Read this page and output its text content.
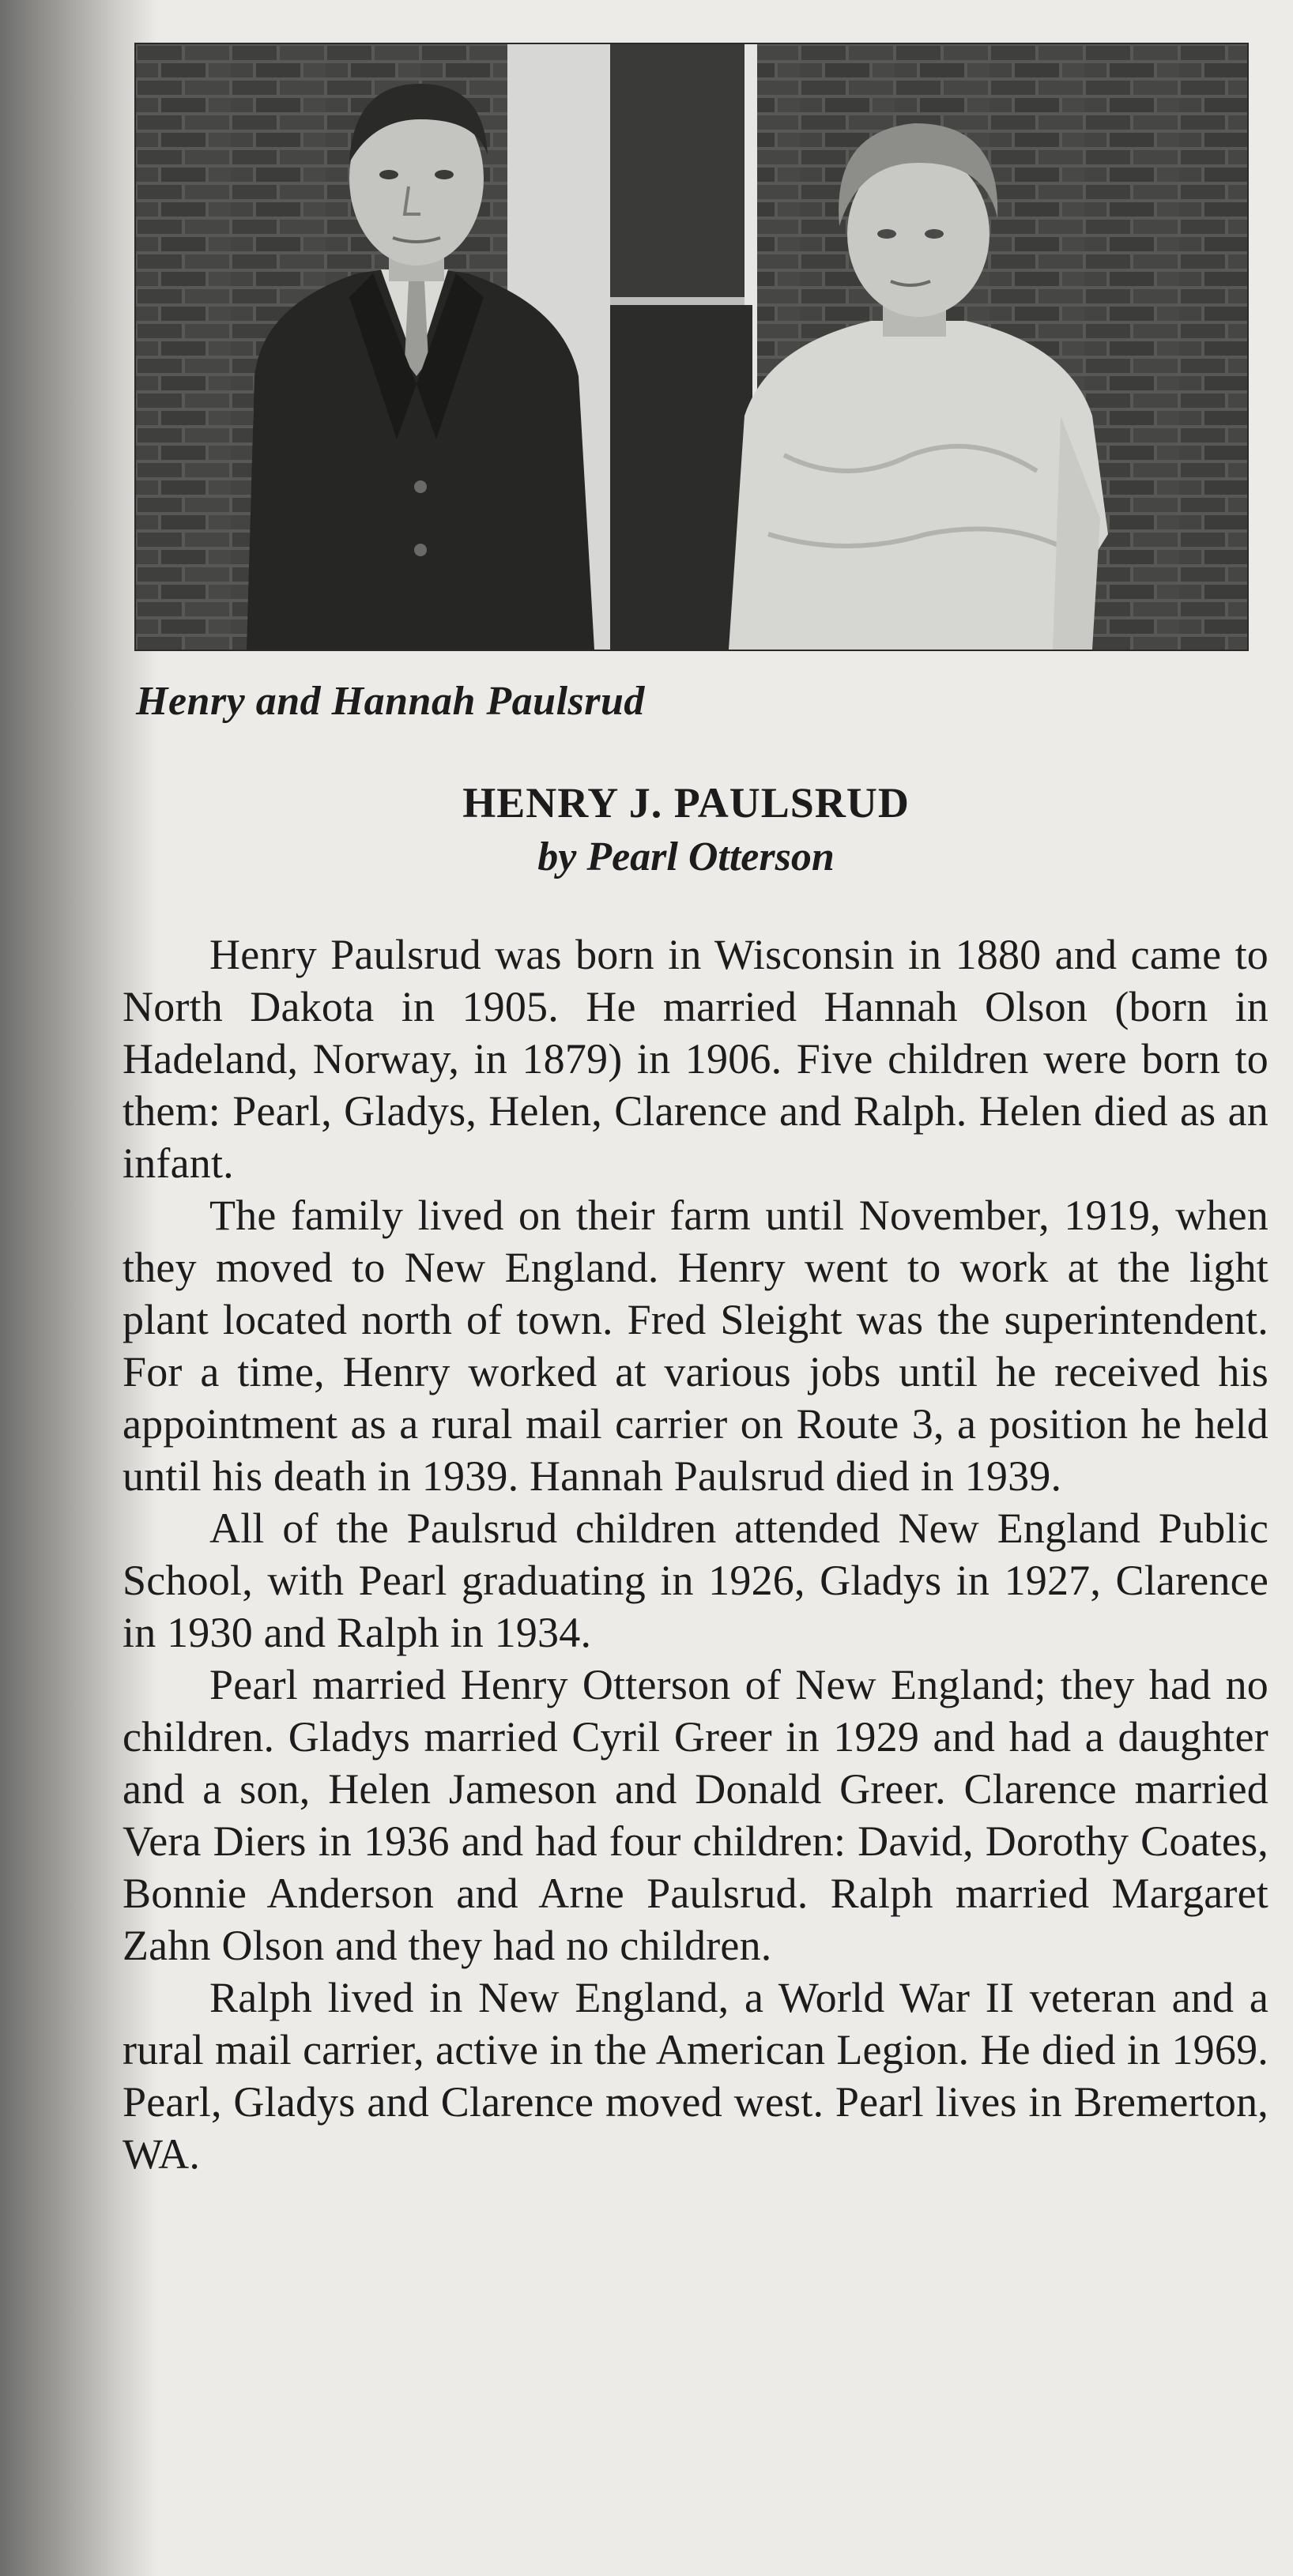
Henry and Hannah Paulsrud
HENRY J. PAULSRUD
by Pearl Otterson

Henry Paulsrud was born in Wisconsin in 1880 and came to North Dakota in 1905. He married Hannah Olson (born in Hadeland, Norway, in 1879) in 1906. Five children were born to them: Pearl, Gladys, Helen, Clarence and Ralph. Helen died as an infant.

The family lived on their farm until November, 1919, when they moved to New England. Henry went to work at the light plant located north of town. Fred Sleight was the superintendent. For a time, Henry worked at various jobs until he received his appointment as a rural mail carrier on Route 3, a position he held until his death in 1939. Hannah Paulsrud died in 1939.

All of the Paulsrud children attended New England Public School, with Pearl graduating in 1926, Gladys in 1927, Clarence in 1930 and Ralph in 1934.

Pearl married Henry Otterson of New England; they had no children. Gladys married Cyril Greer in 1929 and had a daughter and a son, Helen Jameson and Donald Greer. Clarence married Vera Diers in 1936 and had four children: David, Dorothy Coates, Bonnie Anderson and Arne Paulsrud. Ralph married Margaret Zahn Olson and they had no children.

Ralph lived in New England, a World War II veteran and a rural mail carrier, active in the American Legion. He died in 1969. Pearl, Gladys and Clarence moved west. Pearl lives in Bremerton, WA.
